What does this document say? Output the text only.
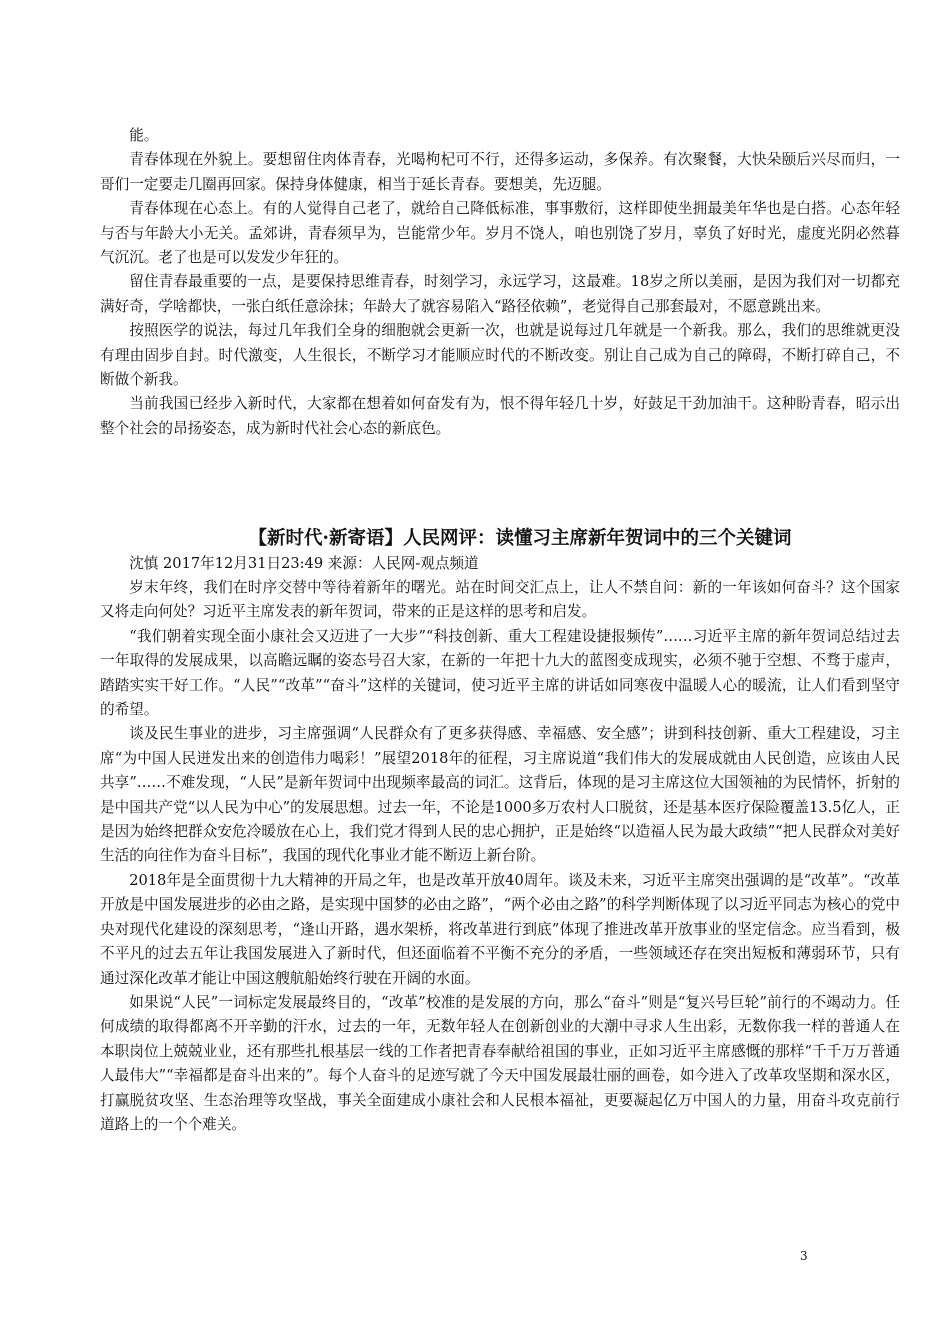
能。

青春体现在外貌上。要想留住肉体青春，光喝枸杞可不行，还得多运动，多保养。有次聚餐，大快朵颐后兴尽而归，一哥们一定要走几圈再回家。保持身体健康，相当于延长青春。要想美，先迈腿。

青春体现在心态上。有的人觉得自己老了，就给自己降低标准，事事敷衍，这样即使坐拥最美年华也是白搭。心态年轻与否与年龄大小无关。孟郊讲，青春须早为，岂能常少年。岁月不饶人，咱也别饶了岁月，辜负了好时光，虚度光阴必然暮气沉沉。老了也是可以发发少年狂的。

留住青春最重要的一点，是要保持思维青春，时刻学习，永远学习，这最难。18岁之所以美丽，是因为我们对一切都充满好奇，学啥都快，一张白纸任意涂抹；年龄大了就容易陷入“路径依赖”，老觉得自己那套最对，不愿意跳出来。

按照医学的说法，每过几年我们全身的细胞就会更新一次，也就是说每过几年就是一个新我。那么，我们的思维就更没有理由固步自封。时代激变，人生很长，不断学习才能顺应时代的不断改变。别让自己成为自己的障碍，不断打碎自己，不断做个新我。

当前我国已经步入新时代，大家都在想着如何奋发有为，恨不得年轻几十岁，好鼓足干劲加油干。这种盼青春，昭示出整个社会的昂扬姿态，成为新时代社会心态的新底色。

【新时代·新寄语】人民网评：读懂习主席新年贺词中的三个关键词

沈慎 2017年12月31日23:49 来源：人民网-观点频道

岁末年终，我们在时序交替中等待着新年的曙光。站在时间交汇点上，让人不禁自问：新的一年该如何奋斗？这个国家又将走向何处？习近平主席发表的新年贺词，带来的正是这样的思考和启发。

“我们朝着实现全面小康社会又迈进了一大步”“科技创新、重大工程建设捷报频传”……习近平主席的新年贺词总结过去一年取得的发展成果，以高瞻远瞩的姿态号召大家，在新的一年把十九大的蓝图变成现实，必须不驰于空想、不骛于虚声，踏踏实实干好工作。“人民”“改革”“奋斗”这样的关键词，使习近平主席的讲话如同寒夜中温暖人心的暖流，让人们看到坚守的希望。

谈及民生事业的进步，习主席强调“人民群众有了更多获得感、幸福感、安全感”；讲到科技创新、重大工程建设，习主席“为中国人民迸发出来的创造伟力喝彩！”展望2018年的征程，习主席说道“我们伟大的发展成就由人民创造，应该由人民共享”……不难发现，“人民”是新年贺词中出现频率最高的词汇。这背后，体现的是习主席这位大国领袖的为民情怀，折射的是中国共产党“以人民为中心”的发展思想。过去一年，不论是1000多万农村人口脱贫，还是基本医疗保险覆盖13.5亿人，正是因为始终把群众安危冷暖放在心上，我们党才得到人民的忠心拥护，正是始终“以造福人民为最大政绩”“把人民群众对美好生活的向往作为奋斗目标”，我国的现代化事业才能不断迈上新台阶。

2018年是全面贯彻十九大精神的开局之年，也是改革开放40周年。谈及未来，习近平主席突出强调的是“改革”。“改革开放是中国发展进步的必由之路，是实现中国梦的必由之路”，“两个必由之路”的科学判断体现了以习近平同志为核心的党中央对现代化建设的深刻思考，“逢山开路，遇水架桥，将改革进行到底”体现了推进改革开放事业的坚定信念。应当看到，极不平凡的过去五年让我国发展进入了新时代，但还面临着不平衡不充分的矛盾，一些领域还存在突出短板和薄弱环节，只有通过深化改革才能让中国这艘航船始终行驶在开阔的水面。

如果说“人民”一词标定发展最终目的，“改革”校准的是发展的方向，那么“奋斗”则是“复兴号巨轮”前行的不竭动力。任何成绩的取得都离不开辛勤的汗水，过去的一年，无数年轻人在创新创业的大潮中寻求人生出彩，无数你我一样的普通人在本职岗位上兢兢业业，还有那些扎根基层一线的工作者把青春奉献给祖国的事业，正如习近平主席感慨的那样“千千万万普通人最伟大”“幸福都是奋斗出来的”。每个人奋斗的足迹写就了今天中国发展最壮丽的画卷，如今进入了改革攻坚期和深水区，打赢脱贫攻坚、生态治理等攻坚战，事关全面建成小康社会和人民根本福祉，更要凝起亿万中国人的力量，用奋斗攻克前行道路上的一个个难关。

3
